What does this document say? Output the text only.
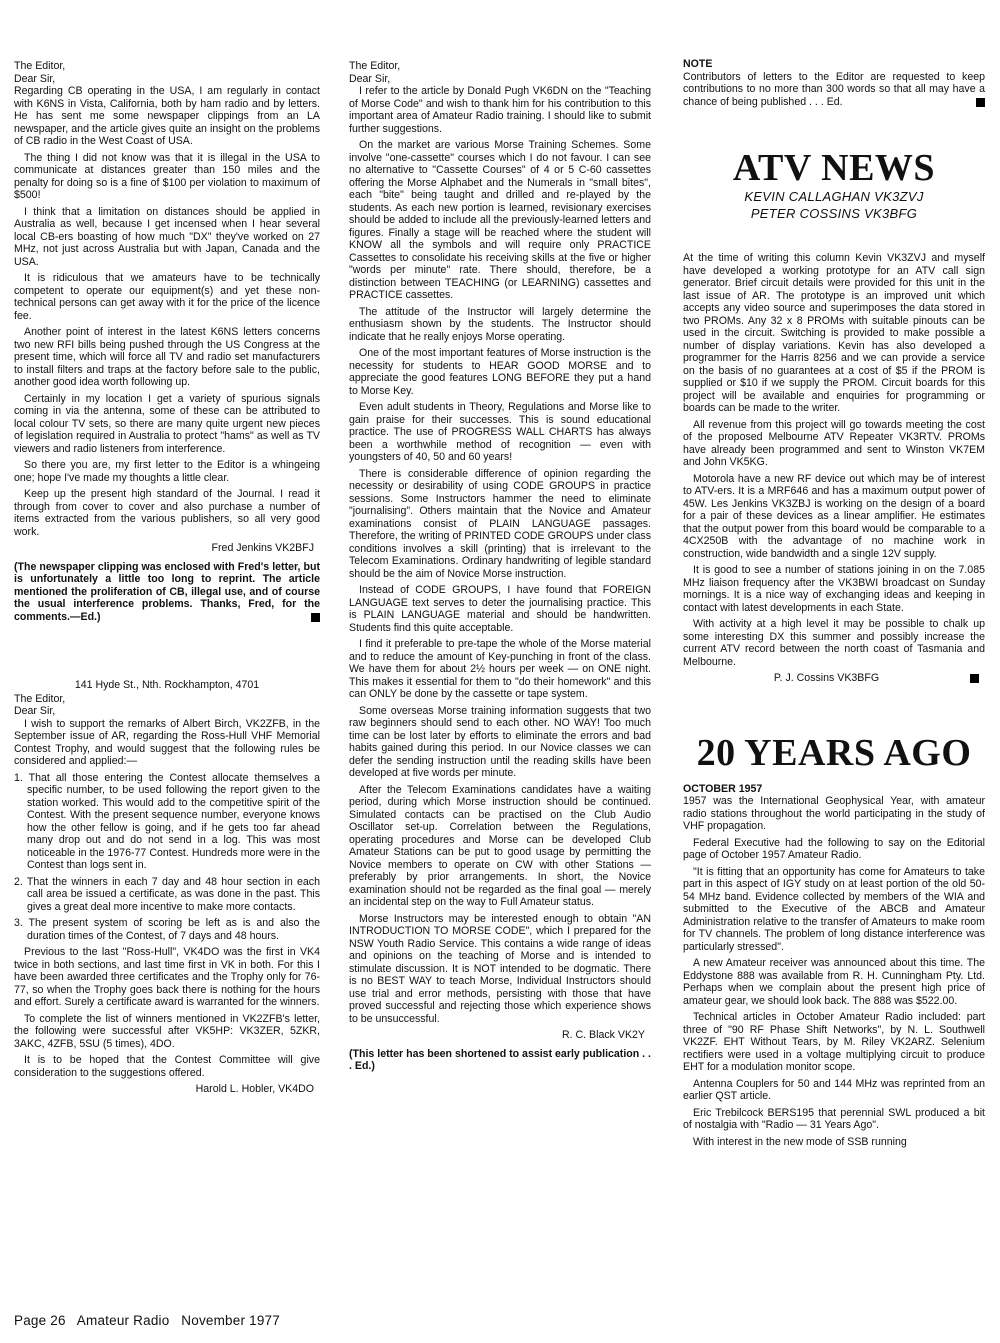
The Editor,

Dear Sir,

Regarding CB operating in the USA, I am regularly in contact with K6NS in Vista, California, both by ham radio and by letters. He has sent me some newspaper clippings from an LA newspaper, and the article gives quite an insight on the problems of CB radio in the West Coast of USA.

The thing I did not know was that it is illegal in the USA to communicate at distances greater than 150 miles and the penalty for doing so is a fine of $100 per violation to maximum of $500!

I think that a limitation on distances should be applied in Australia as well, because I get incensed when I hear several local CB-ers boasting of how much "DX" they've worked on 27 MHz, not just across Australia but with Japan, Canada and the USA.

It is ridiculous that we amateurs have to be technically competent to operate our equipment(s) and yet these non-technical persons can get away with it for the price of the licence fee.

Another point of interest in the latest K6NS letters concerns two new RFI bills being pushed through the US Congress at the present time, which will force all TV and radio set manufacturers to install filters and traps at the factory before sale to the public, another good idea worth following up.

Certainly in my location I get a variety of spurious signals coming in via the antenna, some of these can be attributed to local colour TV sets, so there are many quite urgent new pieces of legislation required in Australia to protect "hams" as well as TV viewers and radio listeners from interference.

So there you are, my first letter to the Editor is a whingeing one; hope I've made my thoughts a little clear.

Keep up the present high standard of the Journal. I read it through from cover to cover and also purchase a number of items extracted from the various publishers, so all very good work.

Fred Jenkins VK2BFJ

(The newspaper clipping was enclosed with Fred's letter, but is unfortunately a little too long to reprint. The article mentioned the proliferation of CB, illegal use, and of course the usual interference problems. Thanks, Fred, for the comments.—Ed.)

141 Hyde St., Nth. Rockhampton, 4701

The Editor,

Dear Sir,

I wish to support the remarks of Albert Birch, VK2ZFB, in the September issue of AR, regarding the Ross-Hull VHF Memorial Contest Trophy, and would suggest that the following rules be considered and applied:—

1. That all those entering the Contest allocate themselves a specific number, to be used following the report given to the station worked. This would add to the competitive spirit of the Contest. With the present sequence number, everyone knows how the other fellow is going, and if he gets too far ahead many drop out and do not send in a log. This was most noticeable in the 1976-77 Contest. Hundreds more were in the Contest than logs sent in.

2. That the winners in each 7 day and 48 hour section in each call area be issued a certificate, as was done in the past. This gives a great deal more incentive to make more contacts.

3. The present system of scoring be left as is and also the duration times of the Contest, of 7 days and 48 hours.

Previous to the last "Ross-Hull", VK4DO was the first in VK4 twice in both sections, and last time first in VK in both. For this I have been awarded three certificates and the Trophy only for 76-77, so when the Trophy goes back there is nothing for the hours and effort. Surely a certificate award is warranted for the winners.

To complete the list of winners mentioned in VK2ZFB's letter, the following were successful after VK5HP: VK3ZER, 5ZKR, 3AKC, 4ZFB, 5SU (5 times), 4DO.

It is to be hoped that the Contest Committee will give consideration to the suggestions offered.

Harold L. Hobler, VK4DO

The Editor,

Dear Sir,

I refer to the article by Donald Pugh VK6DN on the "Teaching of Morse Code" and wish to thank him for his contribution to this important area of Amateur Radio training. I should like to submit further suggestions.

On the market are various Morse Training Schemes. Some involve "one-cassette" courses which I do not favour. I can see no alternative to "Cassette Courses" of 4 or 5 C-60 cassettes offering the Morse Alphabet and the Numerals in "small bites", each "bite" being taught and drilled and re-played by the students. As each new portion is learned, revisionary exercises should be added to include all the previously-learned letters and figures. Finally a stage will be reached where the student will KNOW all the symbols and will require only PRACTICE Cassettes to consolidate his receiving skills at the five or higher "words per minute" rate. There should, therefore, be a distinction between TEACHING (or LEARNING) cassettes and PRACTICE cassettes.

The attitude of the Instructor will largely determine the enthusiasm shown by the students. The Instructor should indicate that he really enjoys Morse operating.

One of the most important features of Morse instruction is the necessity for students to HEAR GOOD MORSE and to appreciate the good features LONG BEFORE they put a hand to Morse Key.

Even adult students in Theory, Regulations and Morse like to gain praise for their successes. This is sound educational practice. The use of PROGRESS WALL CHARTS has always been a worthwhile method of recognition — even with youngsters of 40, 50 and 60 years!

There is considerable difference of opinion regarding the necessity or desirability of using CODE GROUPS in practice sessions. Some Instructors hammer the need to eliminate "journalising". Others maintain that the Novice and Amateur examinations consist of PLAIN LANGUAGE passages. Therefore, the writing of PRINTED CODE GROUPS under class conditions involves a skill (printing) that is irrelevant to the Telecom Examinations. Ordinary handwriting of legible standard should be the aim of Novice Morse instruction.

Instead of CODE GROUPS, I have found that FOREIGN LANGUAGE text serves to deter the journalising practice. This is PLAIN LANGUAGE material and should be handwritten. Students find this quite acceptable.

I find it preferable to pre-tape the whole of the Morse material and to reduce the amount of Key-punching in front of the class. We have them for about 2½ hours per week — on ONE night. This makes it essential for them to "do their homework" and this can ONLY be done by the cassette or tape system.

Some overseas Morse training information suggests that two raw beginners should send to each other. NO WAY! Too much time can be lost later by efforts to eliminate the errors and bad habits gained during this period. In our Novice classes we can defer the sending instruction until the reading skills have been developed at five words per minute.

After the Telecom Examinations candidates have a waiting period, during which Morse instruction should be continued. Simulated contacts can be practised on the Club Audio Oscillator set-up. Correlation between the Regulations, operating procedures and Morse can be developed Club Amateur Stations can be put to good usage by permitting the Novice members to operate on CW with other Stations — preferably by prior arrangements. In short, the Novice examination should not be regarded as the final goal — merely an incidental step on the way to Full Amateur status.

Morse Instructors may be interested enough to obtain "AN INTRODUCTION TO MORSE CODE", which I prepared for the NSW Youth Radio Service. This contains a wide range of ideas and opinions on the teaching of Morse and is intended to stimulate discussion. It is NOT intended to be dogmatic. There is no BEST WAY to teach Morse, Individual Instructors should use trial and error methods, persisting with those that have proved successful and rejecting those which experience shows to be unsuccessful.

R. C. Black VK2Y

(This letter has been shortened to assist early publication . . . Ed.)

NOTE

Contributors of letters to the Editor are requested to keep contributions to no more than 300 words so that all may have a chance of being published . . . Ed.

ATV NEWS

KEVIN CALLAGHAN VK3ZVJ

PETER COSSINS VK3BFG

At the time of writing this column Kevin VK3ZVJ and myself have developed a working prototype for an ATV call sign generator. Brief circuit details were provided for this unit in the last issue of AR. The prototype is an improved unit which accepts any video source and superimposes the data stored in two PROMs. Any 32 x 8 PROMs with suitable pinouts can be used in the circuit. Switching is provided to make possible a number of display variations. Kevin has also developed a programmer for the Harris 8256 and we can provide a service on the basis of no guarantees at a cost of $5 if the PROM is supplied or $10 if we supply the PROM. Circuit boards for this project will be available and enquiries for programming or boards can be made to the writer.

All revenue from this project will go towards meeting the cost of the proposed Melbourne ATV Repeater VK3RTV. PROMs have already been programmed and sent to Winston VK7EM and John VK5KG.

Motorola have a new RF device out which may be of interest to ATV-ers. It is a MRF646 and has a maximum output power of 45W. Les Jenkins VK3ZBJ is working on the design of a board for a pair of these devices as a linear amplifier. He estimates that the output power from this board would be comparable to a 4CX250B with the advantage of no machine work in construction, wide bandwidth and a single 12V supply.

It is good to see a number of stations joining in on the 7.085 MHz liaison frequency after the VK3BWI broadcast on Sunday mornings. It is a nice way of exchanging ideas and keeping in contact with latest developments in each State.

With activity at a high level it may be possible to chalk up some interesting DX this summer and possibly increase the current ATV record between the north coast of Tasmania and Melbourne.

P. J. Cossins VK3BFG

20 YEARS AGO

OCTOBER 1957

1957 was the International Geophysical Year, with amateur radio stations throughout the world participating in the study of VHF propagation.

Federal Executive had the following to say on the Editorial page of October 1957 Amateur Radio.

"It is fitting that an opportunity has come for Amateurs to take part in this aspect of IGY study on at least portion of the old 50-54 MHz band. Evidence collected by members of the WIA and submitted to the Executive of the ABCB and Amateur Administration relative to the transfer of Amateurs to make room for TV channels. The problem of long distance interference was particularly stressed".

A new Amateur receiver was announced about this time. The Eddystone 888 was available from R. H. Cunningham Pty. Ltd. Perhaps when we complain about the present high price of amateur gear, we should look back. The 888 was $522.00.

Technical articles in October Amateur Radio included: part three of "90 RF Phase Shift Networks", by N. L. Southwell VK2ZF. EHT Without Tears, by M. Riley VK2ARZ. Selenium rectifiers were used in a voltage multiplying circuit to produce EHT for a modulation monitor scope.

Antenna Couplers for 50 and 144 MHz was reprinted from an earlier QST article.

Eric Trebilcock BERS195 that perennial SWL produced a bit of nostalgia with "Radio — 31 Years Ago".

With interest in the new mode of SSB running

Page 26   Amateur Radio   November 1977
